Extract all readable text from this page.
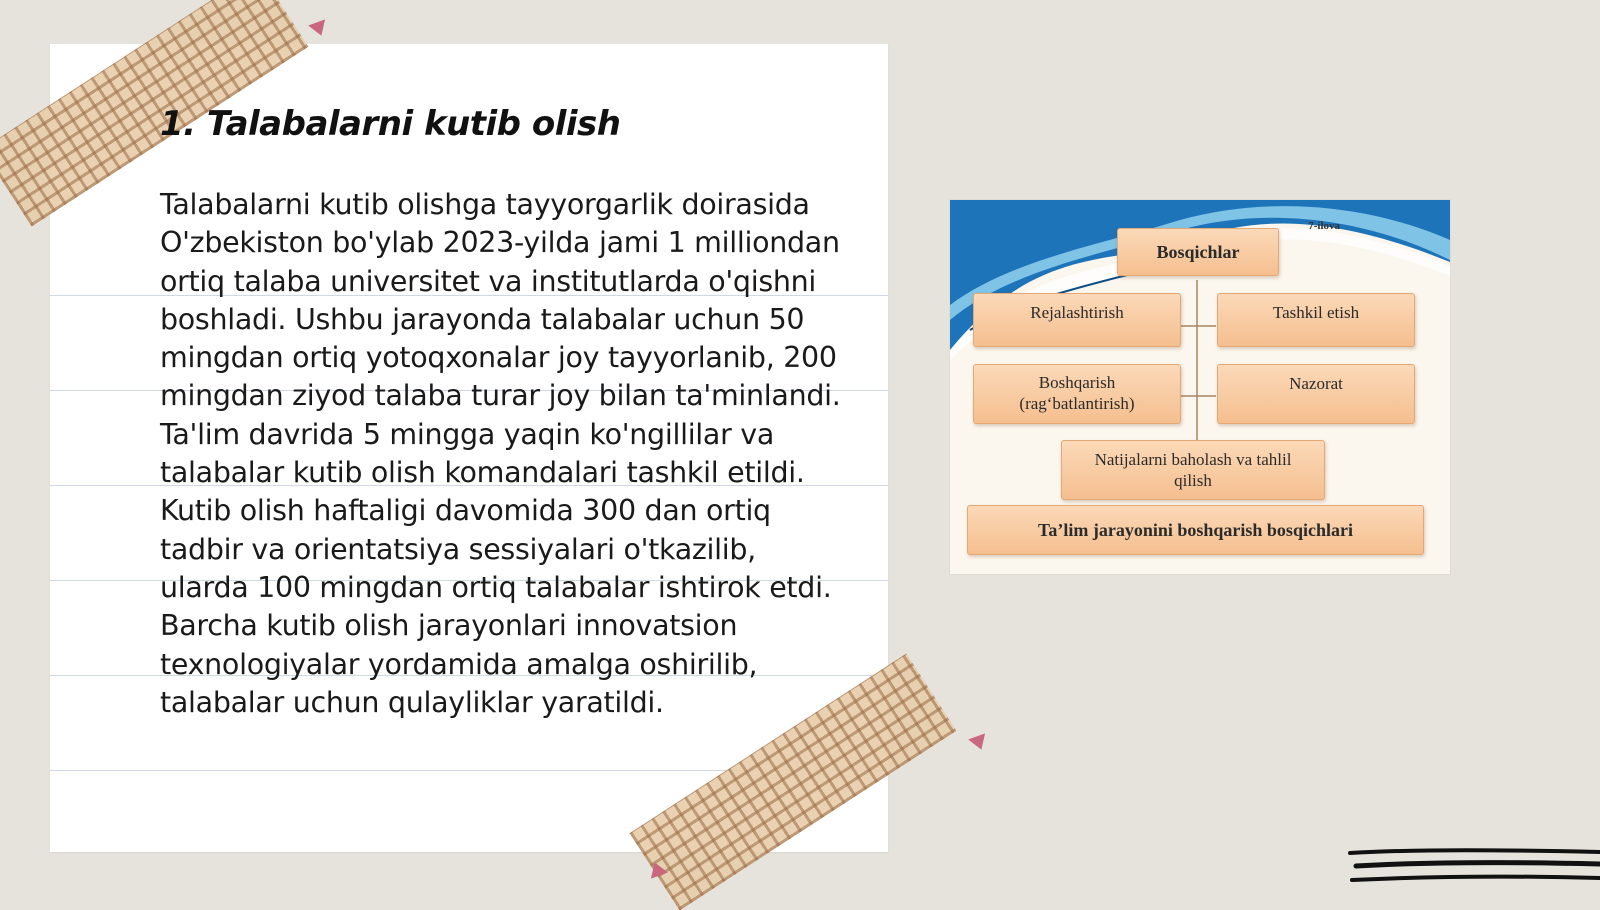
1. Talabalarni kutib olish

Talabalarni kutib olishga tayyorgarlik doirasida O'zbekiston bo'ylab 2023-yilda jami 1 milliondan ortiq talaba universitet va institutlarda o'qishni boshladi. Ushbu jarayonda talabalar uchun 50 mingdan ortiq yotoqxonalar joy tayyorlanib, 200 mingdan ziyod talaba turar joy bilan ta'minlandi. Ta'lim davrida 5 mingga yaqin ko'ngillilar va talabalar kutib olish komandalari tashkil etildi. Kutib olish haftaligi davomida 300 dan ortiq tadbir va orientatsiya sessiyalari o'tkazilib, ularda 100 mingdan ortiq talabalar ishtirok etdi. Barcha kutib olish jarayonlari innovatsion texnologiyalar yordamida amalga oshirilib, talabalar uchun qulayliklar yaratildi.

7-ilova
Bosqichlar
Rejalashtirish	Tashkil etish
Boshqarish
(rag‘batlantirish)
Nazorat
Natijalarni baholash va tahlil
qilish
Ta’lim jarayonini boshqarish bosqichlari
